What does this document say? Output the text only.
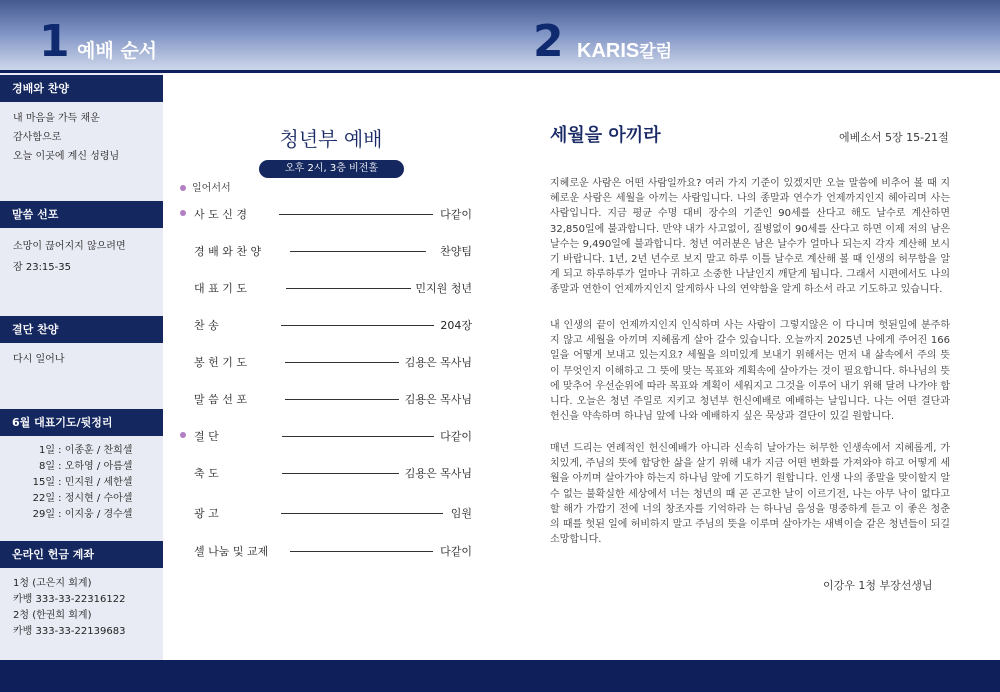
1 예배 순서	2 KARIS칼럼
경배와 찬양
내 마음을 가득 채운
감사함으로
오늘 이곳에 계신 성령님
말씀 선포
소망이 끊어지지 않으려면
잠 23:15-35
결단 찬양
다시 일어나
6월 대표기도/뒷정리
1일 : 이종훈 / 찬희셀
8일 : 오하영 / 아름셀
15일 : 민지원 / 세한셀
22일 : 정시현 / 수아셀
29일 : 이지웅 / 경수셀
온라인 헌금 계좌
1청 (고은지 회계)
카뱅 333-33-22316122
2청 (한권희 회계)
카뱅 333-33-22139683
청년부 예배
오후 2시, 3층 비전홀
일어서서
사 도 신 경	다같이
경 배 와 찬 양	찬양팀
대 표 기 도	민지원 청년
찬 송	204장
봉 헌 기 도	김용은 목사님
말 씀 선 포	김용은 목사님
결 단	다같이
축 도	김용은 목사님
광 고	임원
셀 나눔 및 교제	다같이
세월을 아끼라	에베소서 5장 15-21절
지혜로운 사람은 어떤 사람일까요? 여러 가지 기준이 있겠지만 오늘 말씀에 비추어 볼 때 지혜로운 사람은 세월을 아끼는 사람입니다. 나의 종말과 연수가 언제까지인지 헤아리며 사는 사람입니다. 지금 평균 수명 대비 장수의 기준인 90세를 산다고 해도 날수로 계산하면 32,850일에 불과합니다. 만약 내가 사고없이, 질병없이 90세를 산다고 하면 이제 저의 남은 날수는 9,490일에 불과합니다. 청년 여러분은 남은 날수가 얼마나 되는지 각자 계산해 보시기 바랍니다. 1년, 2년 년수로 보지 말고 하루 이틀 날수로 계산해 볼 때 인생의 허무함을 알게 되고 하루하루가 얼마나 귀하고 소중한 나날인지 깨닫게 됩니다. 그래서 시편에서도 나의 종말과 연한이 언제까지인지 알게하사 나의 연약함을 알게 하소서 라고 기도하고 있습니다.
내 인생의 끝이 언제까지인지 인식하며 사는 사람이 그렇지않은 이 다니며 헛된일에 분주하지 않고 세월을 아끼며 지혜롭게 살아 갈수 있습니다. 오늘까지 2025년 나에게 주어진 166일을 어떻게 보내고 있는지요? 세월을 의미있게 보내기 위해서는 먼저 내 삶속에서 주의 뜻이 무엇인지 이해하고 그 뜻에 맞는 목표와 계획속에 살아가는 것이 필요합니다. 하나님의 뜻에 맞추어 우선순위에 따라 목표와 계획이 세워지고 그것을 이루어 내기 위해 달려 나가야 합니다. 오늘은 청년 주일로 지키고 청년부 헌신예배로 예배하는 날입니다. 나는 어떤 결단과 헌신을 약속하며 하나님 앞에 나와 예배하지 싶은 묵상과 결단이 있길 원합니다.
매년 드리는 연례적인 헌신예배가 아니라 신속히 날아가는 허무한 인생속에서 지혜롭게, 가치있게, 주님의 뜻에 합당한 삶을 살기 위해 내가 지금 어떤 변화를 가져와야 하고 어떻게 세월을 아끼며 살아가야 하는지 하나님 앞에 기도하기 원합니다. 인생 나의 종말을 맞이할지 알 수 없는 불확실한 세상에서 너는 청년의 때 곧 곤고한 날이 이르기전, 나는 아무 낙이 없다고 할 해가 가깝기 전에 너의 창조자를 기억하라 는 하나님 음성을 명중하게 듣고 이 좋은 청춘의 때를 헛된 일에 허비하지 말고 주님의 뜻을 이루며 살아가는 새벽이슬 같은 청년들이 되길 소망합니다.
이강우 1청 부장선생님
